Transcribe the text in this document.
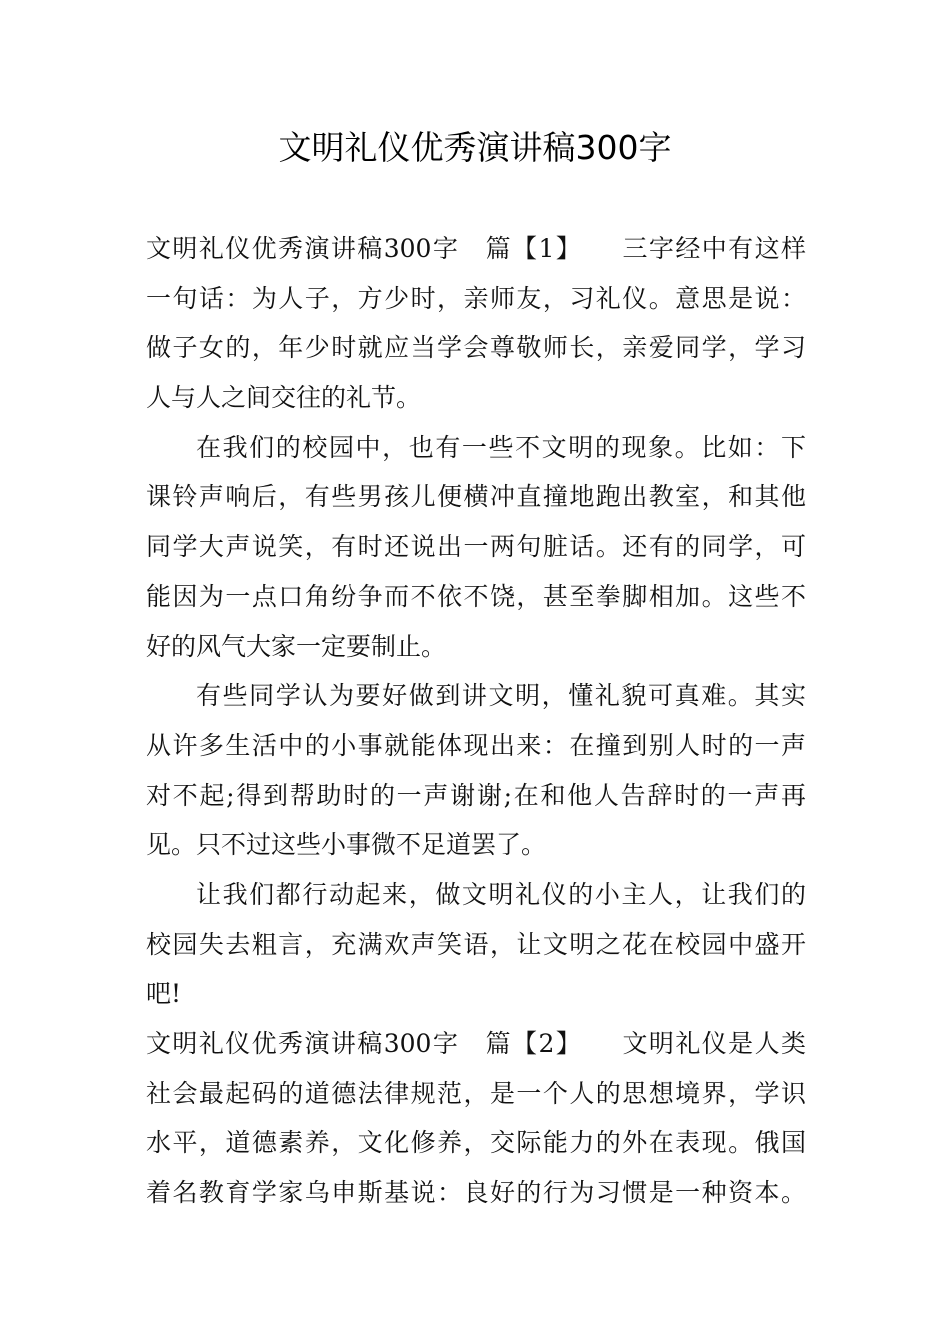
文明礼仪优秀演讲稿300字
文明礼仪优秀演讲稿300字　篇【1】　　三字经中有这样
一句话：为人子，方少时，亲师友，习礼仪。意思是说：
做子女的，年少时就应当学会尊敬师长，亲爱同学，学习
人与人之间交往的礼节。
在我们的校园中，也有一些不文明的现象。比如：下
课铃声响后，有些男孩儿便横冲直撞地跑出教室，和其他
同学大声说笑，有时还说出一两句脏话。还有的同学，可
能因为一点口角纷争而不依不饶，甚至拳脚相加。这些不
好的风气大家一定要制止。
有些同学认为要好做到讲文明，懂礼貌可真难。其实
从许多生活中的小事就能体现出来：在撞到别人时的一声
对不起;得到帮助时的一声谢谢;在和他人告辞时的一声再
见。只不过这些小事微不足道罢了。
让我们都行动起来，做文明礼仪的小主人，让我们的
校园失去粗言，充满欢声笑语，让文明之花在校园中盛开
吧!
文明礼仪优秀演讲稿300字　篇【2】　　文明礼仪是人类
社会最起码的道德法律规范，是一个人的思想境界，学识
水平，道德素养，文化修养，交际能力的外在表现。俄国
着名教育学家乌申斯基说：良好的行为习惯是一种资本。
